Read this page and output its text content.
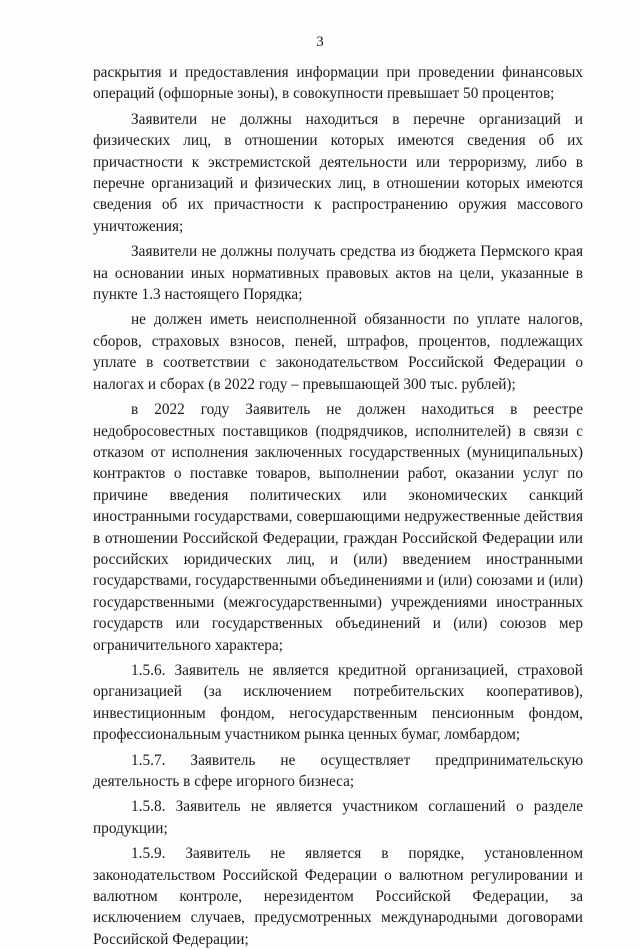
3

раскрытия и предоставления информации при проведении финансовых операций (офшорные зоны), в совокупности превышает 50 процентов;

Заявители не должны находиться в перечне организаций и физических лиц, в отношении которых имеются сведения об их причастности к экстремистской деятельности или терроризму, либо в перечне организаций и физических лиц, в отношении которых имеются сведения об их причастности к распространению оружия массового уничтожения;

Заявители не должны получать средства из бюджета Пермского края на основании иных нормативных правовых актов на цели, указанные в пункте 1.3 настоящего Порядка;

не должен иметь неисполненной обязанности по уплате налогов, сборов, страховых взносов, пеней, штрафов, процентов, подлежащих уплате в соответствии с законодательством Российской Федерации о налогах и сборах (в 2022 году – превышающей 300 тыс. рублей);

в 2022 году Заявитель не должен находиться в реестре недобросовестных поставщиков (подрядчиков, исполнителей) в связи с отказом от исполнения заключенных государственных (муниципальных) контрактов о поставке товаров, выполнении работ, оказании услуг по причине введения политических или экономических санкций иностранными государствами, совершающими недружественные действия в отношении Российской Федерации, граждан Российской Федерации или российских юридических лиц, и (или) введением иностранными государствами, государственными объединениями и (или) союзами и (или) государственными (межгосударственными) учреждениями иностранных государств или государственных объединений и (или) союзов мер ограничительного характера;

1.5.6. Заявитель не является кредитной организацией, страховой организацией (за исключением потребительских кооперативов), инвестиционным фондом, негосударственным пенсионным фондом, профессиональным участником рынка ценных бумаг, ломбардом;

1.5.7. Заявитель не осуществляет предпринимательскую деятельность в сфере игорного бизнеса;

1.5.8. Заявитель не является участником соглашений о разделе продукции;

1.5.9. Заявитель не является в порядке, установленном законодательством Российской Федерации о валютном регулировании и валютном контроле, нерезидентом Российской Федерации, за исключением случаев, предусмотренных международными договорами Российской Федерации;
